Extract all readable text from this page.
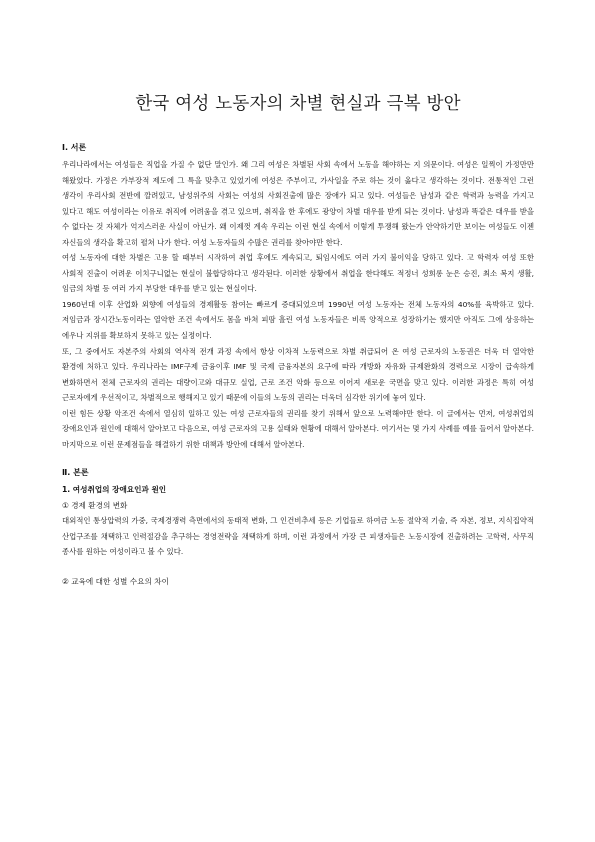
한국 여성 노동자의 차별 현실과 극복 방안
Ⅰ. 서론

우리나라에서는 여성들은 직업을 가질 수 없단 말인가. 왜 그리 여성은 차별된 사회 속에서 노동을 해야하는 지 의문이다. 여성은 일찍이 가정만만 해왔었다. 가정은 가부장적 제도에 그 특을 맞추고 있었기에 여성은 주부이고, 가사일을 주로 하는 것이 옳다고 생각하는 것이다. 전통적인 그런 생각이 우리사회 전반에 깔려있고, 남성위주의 사회는 여성의 사회진출에 많은 장애가 되고 있다. 여성들은 남성과 같은 학력과 능력을 가지고 있다고 해도 여성이라는 이유로 취직에 어려움을 겪고 있으며, 취직을 한 후에도 광양이 차별 대우를 받게 되는 것이다. 남성과 똑같은 대우를 받을 수 없다는 것 자체가 억지스러운 사실이 아닌가. 왜 이제껏 계속 우리는 이런 현실 속에서 이렇게 투쟁해 왔는가 안약하기만 보이는 여성들도 이젠 자신들의 생각을 확고히 펼쳐 나가 한다. 여성 노동자들의 수많은 권리를 찾아야만 한다.

여성 노동자에 대한 차별은 고용 할 때부터 시작하여 취업 후에도 계속되고, 퇴임시에도 여러 가지 불이익을 당하고 있다. 고 학력자 여성 또한 사회적 진출이 어려운 이치구니없는 현실이 불합당하다고 생각된다. 이러한 상황에서 취업을 한다해도 적정너 성희롱 눈은 승진, 최소 복지 생활, 임금의 차별 등 여러 가지 부당한 대우를 받고 있는 현실이다.

1960년대 이후 산업화 외향에 여성들의 경제활동 참여는 빠르게 증대되었으며 1990년 여성 노동자는 전체 노동자의 40%를 육박하고 있다. 저임금과 장시간노동이라는 열악한 조건 속에서도 몸을 바쳐 피땀 흘린 여성 노동자들은 비록 양적으로 성장하기는 했지만 아직도 그에 상응하는 에우나 지위를 확보하지 못하고 있는 실정이다.

또, 그 중에서도 자본주의 사회의 역사적 전개 과정 속에서 항상 이차적 노동력으로 차별 취급되어 온 여성 근로자의 노동권은 더욱 더 열악한 환경에 처하고 있다. 우리나라는 IMF구제 금융이후 IMF 및 국제 금융자본의 요구에 따라 개방화 자유화 규제완화의 경력으로 시장이 급속하게 변화하면서 전체 근로자의 권리는 대량이고와 대규모 실업, 근로 조건 악화 등으로 이어져 새로운 국면을 맞고 있다. 이러한 과정은 특히 여성 근로자에게 우선적이고, 차별적으로 행해지고 있기 때문에 이들의 노동의 권리는 더욱더 심각한 위기에 놓여 있다.

이런 힘든 상황 악조건 속에서 열심히 일하고 있는 여성 근로자들의 권리를 찾기 위해서 앞으로 노력해야만 한다. 이 글에서는 먼저, 여성취업의 장애요인과 원인에 대해서 알아보고 다음으로, 여성 근로자의 고용 실태와 현황에 대해서 알아본다. 여기서는 몇 가지 사례를 예를 들어서 알아본다. 마지막으로 이런 문제점들을 해결하기 위한 대책과 방안에 대해서 알아본다.

Ⅱ. 본론
1. 여성취업의 장애요인과 원인
① 경제 환경의 변화

대외적인 통상압력의 가중, 국제경쟁력 측면에서의 동태적 변화, 그 인건비추세 등은 기업들로 하여금 노동 절약적 기술, 즉 자본, 정보, 지식집약적 산업구조를 채택하고 인력절감을 추구하는 경영전략을 채택하게 하며, 이런 과정에서 가장 큰 피생자들은 노동시장에 진출하려는 고학력, 사무직 종사를 원하는 여성이라고 볼 수 있다.

② 교육에 대한 성별 수요의 차이
